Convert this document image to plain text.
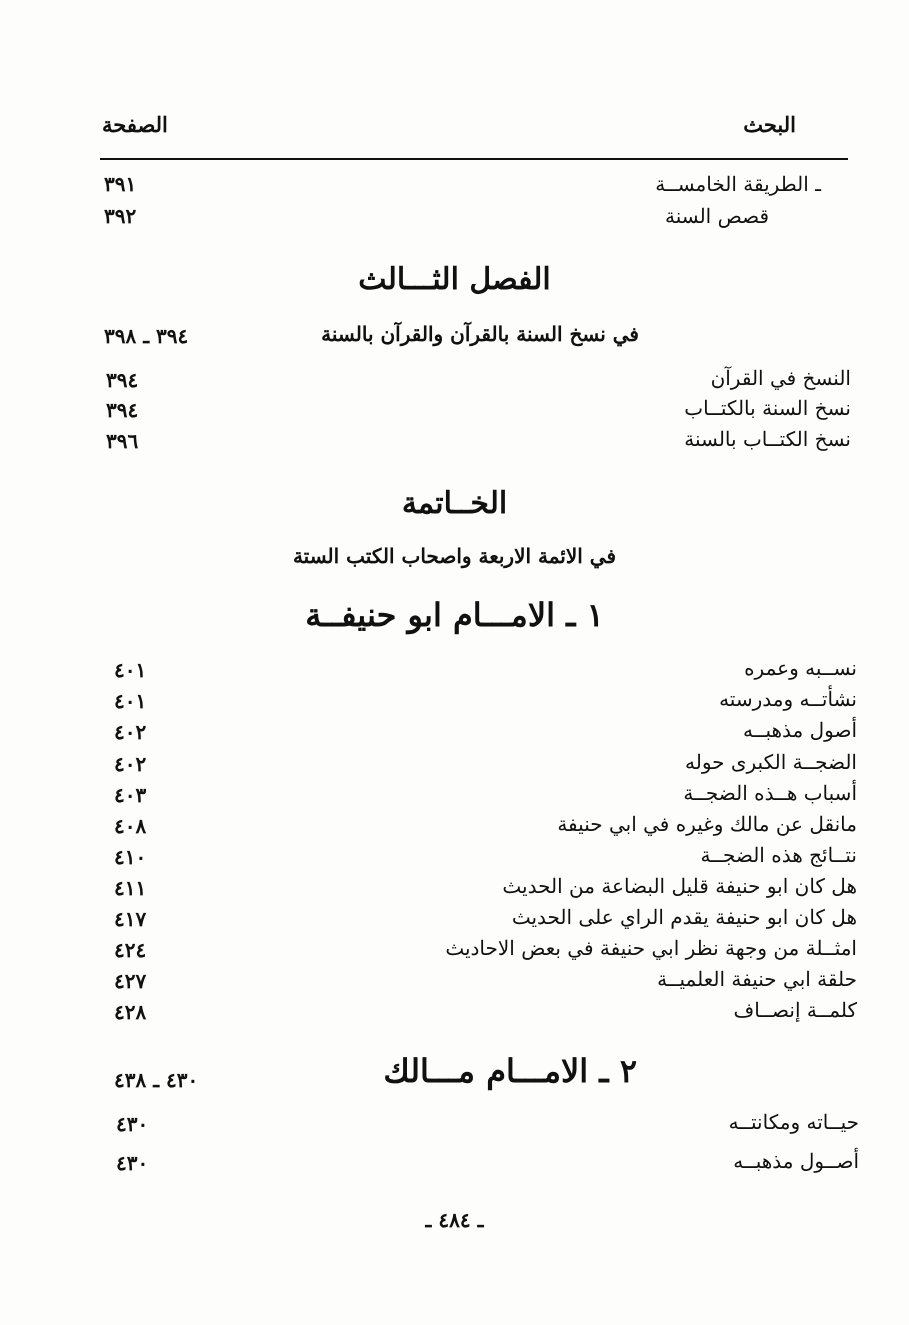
البحث
الصفحة
ـ الطريقة الخامســة
٣٩١
قصص السنة
٣٩٢
الفصل الثـــالث
في نسخ السنة بالقرآن والقرآن بالسنة
٣٩٤ ـ ٣٩٨
النسخ في القرآن
٣٩٤
نسخ السنة بالكتــاب
٣٩٤
نسخ الكتــاب بالسنة
٣٩٦
الخــاتمة
في الائمة الاربعة واصحاب الكتب الستة
١ ـ الامـــام ابو حنيفــة
نســبه وعمره
٤٠١
نشأتــه ومدرسته
٤٠١
أصول مذهبــه
٤٠٢
الضجــة الكبرى حوله
٤٠٢
أسباب هــذه الضجــة
٤٠٣
مانقل عن مالك وغيره في ابي حنيفة
٤٠٨
نتــائج هذه الضجــة
٤١٠
هل كان ابو حنيفة قليل البضاعة من الحديث
٤١١
هل كان ابو حنيفة يقدم الراي على الحديث
٤١٧
امثــلة من وجهة نظر ابي حنيفة في بعض الاحاديث
٤٢٤
حلقة ابي حنيفة العلميــة
٤٢٧
كلمــة إنصــاف
٤٢٨
٢ ـ الامـــام مـــالك
٤٣٠ ـ ٤٣٨
حيــاته ومكانتــه
٤٣٠
أصــول مذهبــه
٤٣٠
ـ ٤٨٤ ـ
